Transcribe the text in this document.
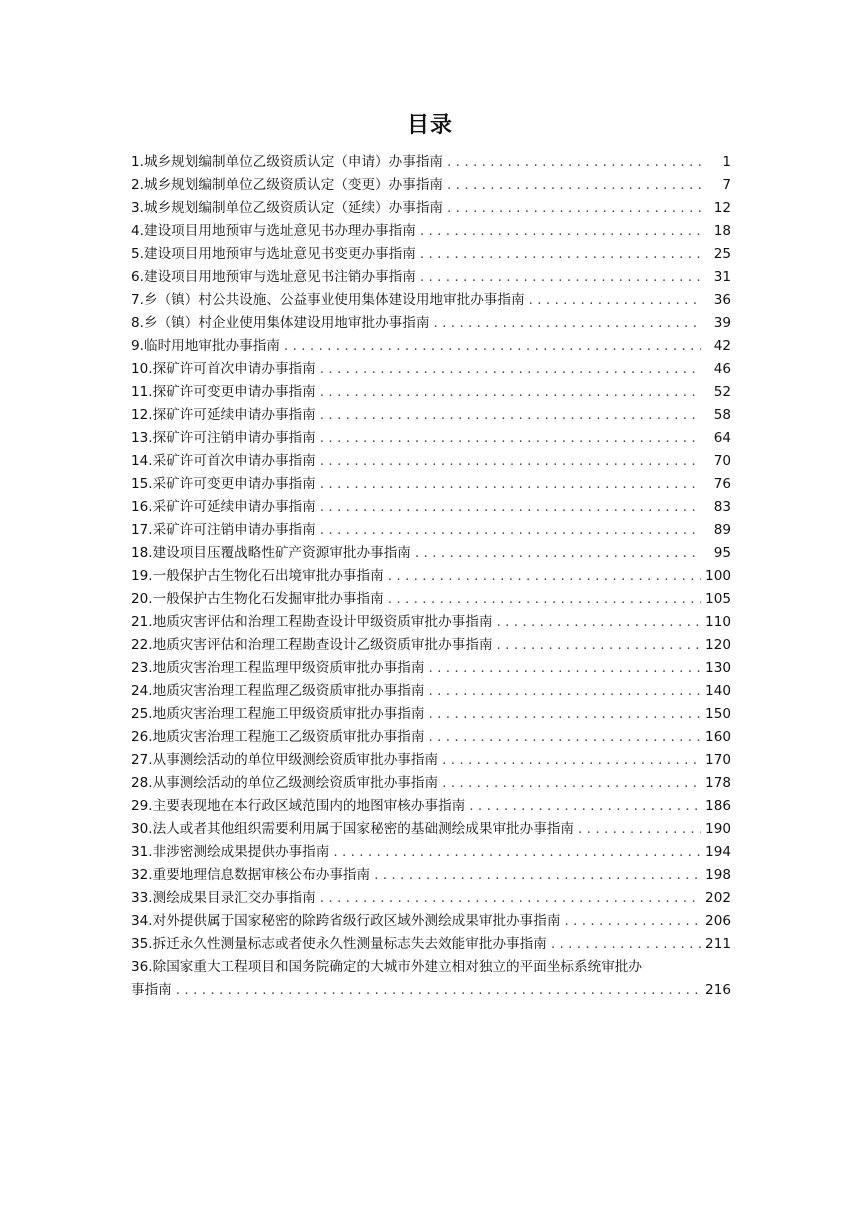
目录
1.城乡规划编制单位乙级资质认定（申请）办事指南 . . .	1
2.城乡规划编制单位乙级资质认定（变更）办事指南 . . .	7
3.城乡规划编制单位乙级资质认定（延续）办事指南 . . .	12
4.建设项目用地预审与选址意见书办理办事指南 . . .	18
5.建设项目用地预审与选址意见书变更办事指南 . . .	25
6.建设项目用地预审与选址意见书注销办事指南 . . .	31
7.乡（镇）村公共设施、公益事业使用集体建设用地审批办事指南 . . .	36
8.乡（镇）村企业使用集体建设用地审批办事指南 . . .	39
9.临时用地审批办事指南 . . .	42
10.探矿许可首次申请办事指南 . . .	46
11.探矿许可变更申请办事指南 . . .	52
12.探矿许可延续申请办事指南 . . .	58
13.探矿许可注销申请办事指南 . . .	64
14.采矿许可首次申请办事指南 . . .	70
15.采矿许可变更申请办事指南 . . .	76
16.采矿许可延续申请办事指南 . . .	83
17.采矿许可注销申请办事指南 . . .	89
18.建设项目压覆战略性矿产资源审批办事指南 . . .	95
19.一般保护古生物化石出境审批办事指南 . . .	100
20.一般保护古生物化石发掘审批办事指南 . . .	105
21.地质灾害评估和治理工程勘查设计甲级资质审批办事指南 . . .	110
22.地质灾害评估和治理工程勘查设计乙级资质审批办事指南 . . .	120
23.地质灾害治理工程监理甲级资质审批办事指南 . . .	130
24.地质灾害治理工程监理乙级资质审批办事指南 . . .	140
25.地质灾害治理工程施工甲级资质审批办事指南 . . .	150
26.地质灾害治理工程施工乙级资质审批办事指南 . . .	160
27.从事测绘活动的单位甲级测绘资质审批办事指南 . . .	170
28.从事测绘活动的单位乙级测绘资质审批办事指南 . . .	178
29.主要表现地在本行政区域范围内的地图审核办事指南 . . .	186
30.法人或者其他组织需要利用属于国家秘密的基础测绘成果审批办事指南 . . .	190
31.非涉密测绘成果提供办事指南 . . .	194
32.重要地理信息数据审核公布办事指南 . . .	198
33.测绘成果目录汇交办事指南 . . .	202
34.对外提供属于国家秘密的除跨省级行政区域外测绘成果审批办事指南 . . .	206
35.拆迁永久性测量标志或者使永久性测量标志失去效能审批办事指南 . . .	211
36.除国家重大工程项目和国务院确定的大城市外建立相对独立的平面坐标系统审批办
事指南 . . .	216
